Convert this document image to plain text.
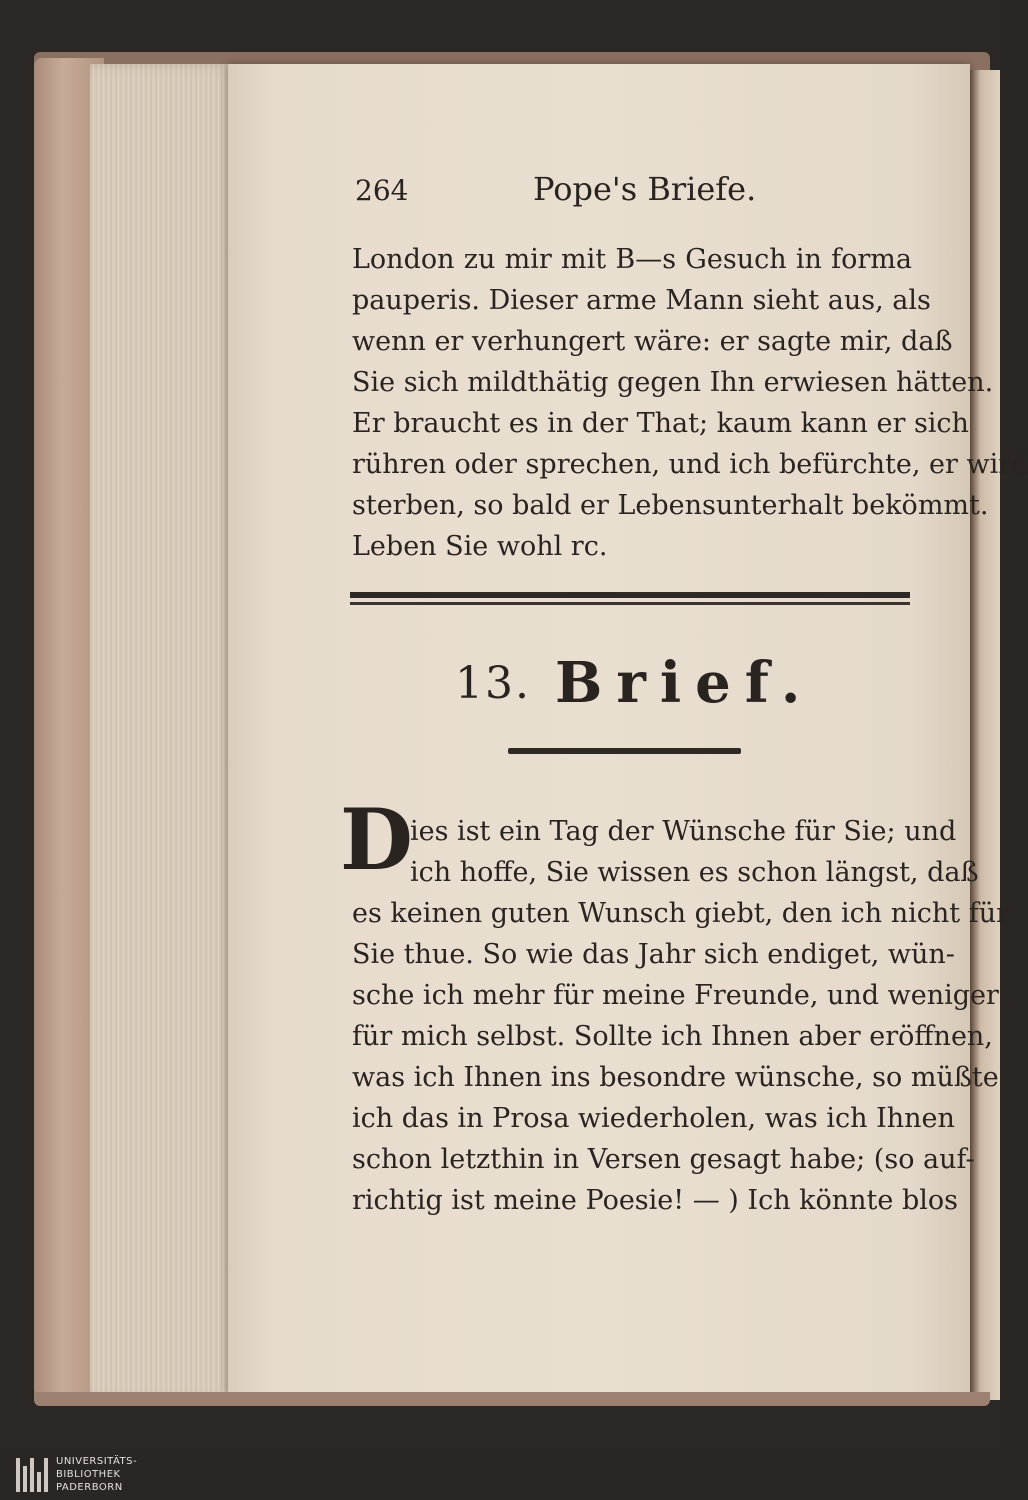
264	Pope's Briefe.
London zu mir mit B—s Gesuch in forma
pauperis. Dieser arme Mann sieht aus, als
wenn er verhungert wäre: er sagte mir, daß
Sie sich mildthätig gegen Ihn erwiesen hätten.
Er braucht es in der That; kaum kann er sich
rühren oder sprechen, und ich befürchte, er wird
sterben, so bald er Lebensunterhalt bekömmt.
Leben Sie wohl rc.
13. Brief.
D
ies ist ein Tag der Wünsche für Sie; und
ich hoffe, Sie wissen es schon längst, daß
es keinen guten Wunsch giebt, den ich nicht für
Sie thue. So wie das Jahr sich endiget, wün-
sche ich mehr für meine Freunde, und weniger
für mich selbst. Sollte ich Ihnen aber eröffnen,
was ich Ihnen ins besondre wünsche, so müßte
ich das in Prosa wiederholen, was ich Ihnen
schon letzthin in Versen gesagt habe; (so auf-
richtig ist meine Poesie! — ) Ich könnte blos
UNIVERSITÄTS-
BIBLIOTHEK
PADERBORN
